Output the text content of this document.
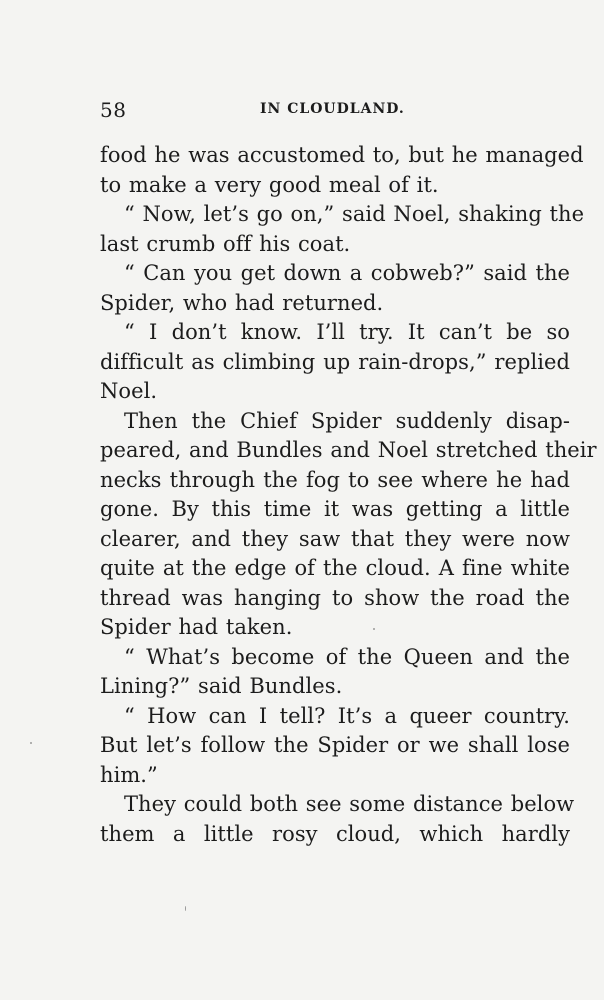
58	IN CLOUDLAND.
food he was accustomed to, but he managed
to make a very good meal of it.
“ Now, let’s go on,” said Noel, shaking the
last crumb off his coat.
“ Can you get down a cobweb?” said the
Spider, who had returned.
“ I don’t know. I’ll try. It can’t be so
difficult as climbing up rain-drops,” replied
Noel.
Then the Chief Spider suddenly disap-
peared, and Bundles and Noel stretched their
necks through the fog to see where he had
gone. By this time it was getting a little
clearer, and they saw that they were now
quite at the edge of the cloud. A fine white
thread was hanging to show the road the
Spider had taken.
“ What’s become of the Queen and the
Lining?” said Bundles.
“ How can I tell? It’s a queer country.
But let’s follow the Spider or we shall lose
him.”
They could both see some distance below
them a little rosy cloud, which hardly
